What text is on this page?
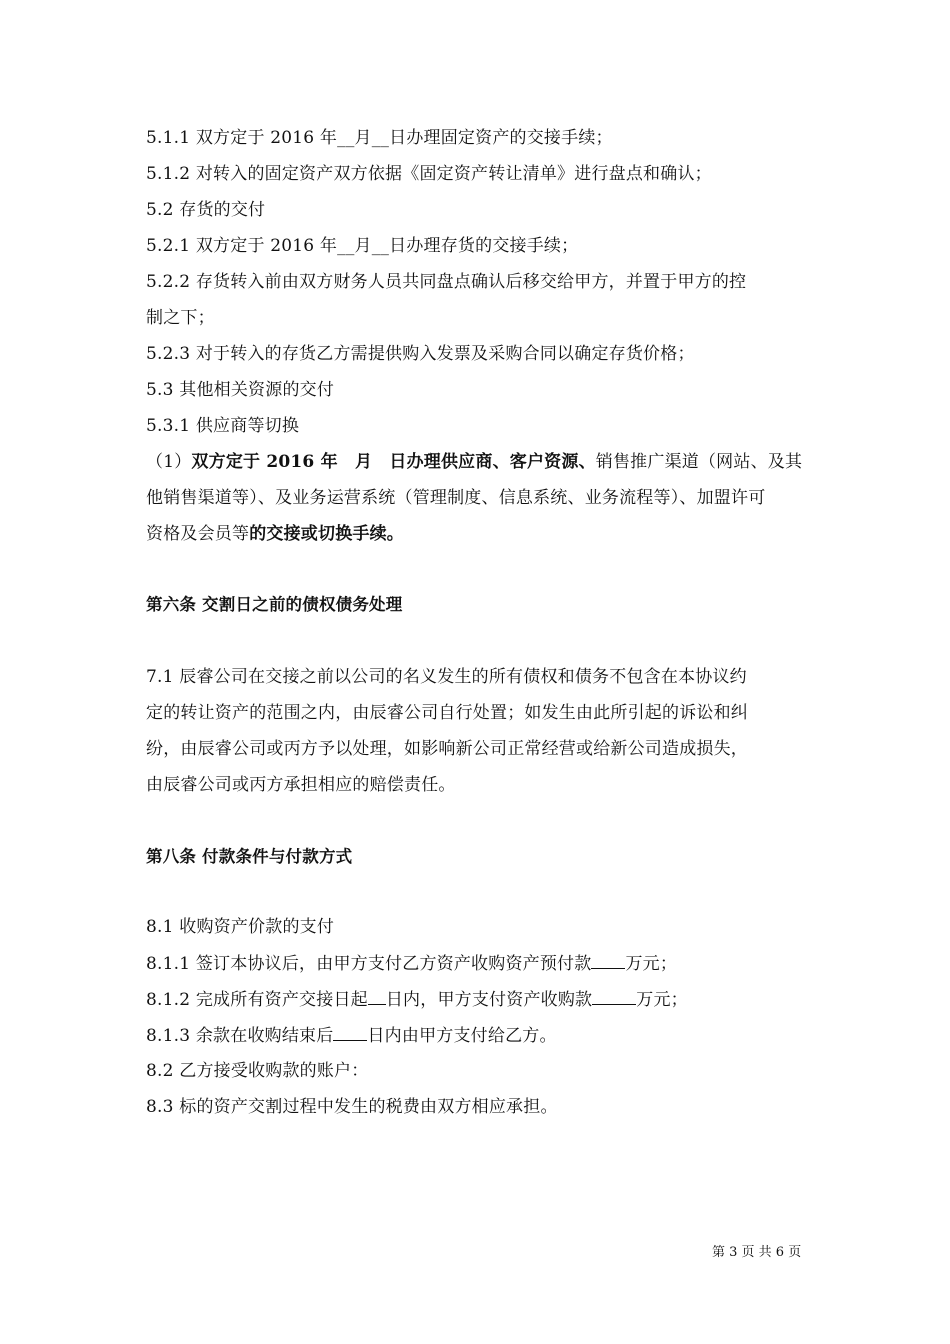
5.1.1 双方定于 2016 年__月__日办理固定资产的交接手续；
5.1.2 对转入的固定资产双方依据《固定资产转让清单》进行盘点和确认；
5.2 存货的交付
5.2.1 双方定于 2016 年__月__日办理存货的交接手续；
5.2.2 存货转入前由双方财务人员共同盘点确认后移交给甲方，并置于甲方的控
制之下；
5.2.3 对于转入的存货乙方需提供购入发票及采购合同以确定存货价格；
5.3 其他相关资源的交付
5.3.1 供应商等切换
（1）双方定于 2016 年　月　日办理供应商、客户资源、销售推广渠道（网站、及其
他销售渠道等）、及业务运营系统（管理制度、信息系统、业务流程等）、加盟许可
资格及会员等的交接或切换手续。
第六条 交割日之前的债权债务处理
7.1 辰睿公司在交接之前以公司的名义发生的所有债权和债务不包含在本协议约
定的转让资产的范围之内，由辰睿公司自行处置；如发生由此所引起的诉讼和纠
纷，由辰睿公司或丙方予以处理，如影响新公司正常经营或给新公司造成损失，
由辰睿公司或丙方承担相应的赔偿责任。
第八条 付款条件与付款方式
8.1 收购资产价款的支付
8.1.1 签订本协议后，由甲方支付乙方资产收购资产预付款 万元；
8.1.2 完成所有资产交接日起 日内，甲方支付资产收购款	万元；
8.1.3 余款在收购结束后 日内由甲方支付给乙方。
8.2 乙方接受收购款的账户：
8.3 标的资产交割过程中发生的税费由双方相应承担。
第 3 页 共 6 页
